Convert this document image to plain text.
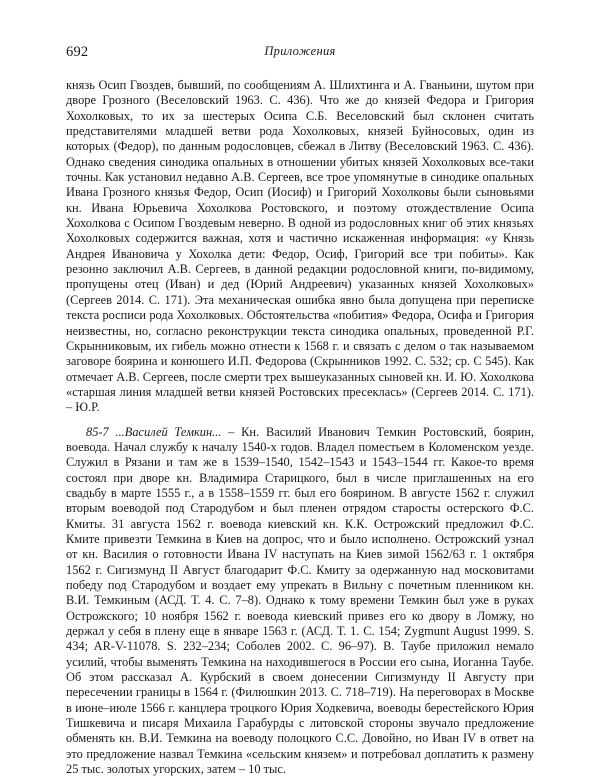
692	Приложения

князь Осип Гвоздев, бывший, по сообщениям А. Шлихтинга и А. Гваньини, шутом при дворе Грозного (Веселовский 1963. С. 436). Что же до князей Федора и Григория Хохолковых, то их за шестерых Осипа С.Б. Веселовский был склонен считать представителями младшей ветви рода Хохолковых, князей Буйносовых, один из которых (Федор), по данным родословцев, сбежал в Литву (Веселовский 1963. С. 436). Однако сведения синодика опальных в отношении убитых князей Хохолковых все-таки точны. Как установил недавно А.В. Сергеев, все трое упомянутые в синодике опальных Ивана Грозного князья Федор, Осип (Иосиф) и Григорий Хохолковы были сыновьями кн. Ивана Юрьевича Хохолкова Ростовского, и поэтому отождествление Осипа Хохолкова с Осипом Гвоздевым неверно. В одной из родословных книг об этих князьях Хохолковых содержится важная, хотя и частично искаженная информация: «у Князь Андрея Ивановича у Хохолка дети: Федор, Осиф, Григорий все три побиты». Как резонно заключил А.В. Сергеев, в данной редакции родословной книги, по-видимому, пропущены отец (Иван) и дед (Юрий Андреевич) указанных князей Хохолковых» (Сергеев 2014. С. 171). Эта механическая ошибка явно была допущена при переписке текста росписи рода Хохолковых. Обстоятельства «побития» Федора, Осифа и Григория неизвестны, но, согласно реконструкции текста синодика опальных, проведенной Р.Г. Скрынниковым, их гибель можно отнести к 1568 г. и связать с делом о так называемом заговоре боярина и конюшего И.П. Федорова (Скрынников 1992. С. 532; ср. С 545). Как отмечает А.В. Сергеев, после смерти трех вышеуказанных сыновей кн. И. Ю. Хохолкова «старшая линия младшей ветви князей Ростовских пресеклась» (Сергеев 2014. С. 171). – Ю.Р.

85-7 ...Василей Темкин... – Кн. Василий Иванович Темкин Ростовский, боярин, воевода. Начал службу к началу 1540-х годов. Владел поместьем в Коломенском уезде. Служил в Рязани и там же в 1539–1540, 1542–1543 и 1543–1544 гг. Какое-то время состоял при дворе кн. Владимира Старицкого, был в числе приглашенных на его свадьбу в марте 1555 г., а в 1558–1559 гг. был его боярином. В августе 1562 г. служил вторым воеводой под Стародубом и был пленен отрядом старосты остерского Ф.С. Кмиты. 31 августа 1562 г. воевода киевский кн. К.К. Острожский предложил Ф.С. Кмите привезти Темкина в Киев на допрос, что и было исполнено. Острожский узнал от кн. Василия о готовности Ивана IV наступать на Киев зимой 1562/63 г. 1 октября 1562 г. Сигизмунд II Август благодарит Ф.С. Кмиту за одержанную над московитами победу под Стародубом и воздает ему упрекать в Вильну с почетным пленником кн. В.И. Темкиным (АСД. Т. 4. С. 7–8). Однако к тому времени Темкин был уже в руках Острожского; 10 ноября 1562 г. воевода киевский привез его ко двору в Ломжу, но держал у себя в плену еще в январе 1563 г. (АСД. Т. 1. С. 154; Zygmunt August 1999. S. 434; AR-V-11078. S. 232–234; Соболев 2002. С. 96–97). В. Таубе приложил немало усилий, чтобы выменять Темкина на находившегося в России его сына, Иоганна Таубе. Об этом рассказал А. Курбский в своем донесении Сигизмунду II Августу при пересечении границы в 1564 г. (Филюшкин 2013. С. 718–719). На переговорах в Москве в июне–июле 1566 г. канцлера троцкого Юрия Ходкевича, воеводы берестейского Юрия Тишкевича и писаря Михаила Гарабурды с литовской стороны звучало предложение обменять кн. В.И. Темкина на воеводу полоцкого С.С. Довойно, но Иван IV в ответ на это предложение назвал Темкина «сельским князем» и потребовал доплатить к размену 25 тыс. золотых угорских, затем – 10 тыс.
